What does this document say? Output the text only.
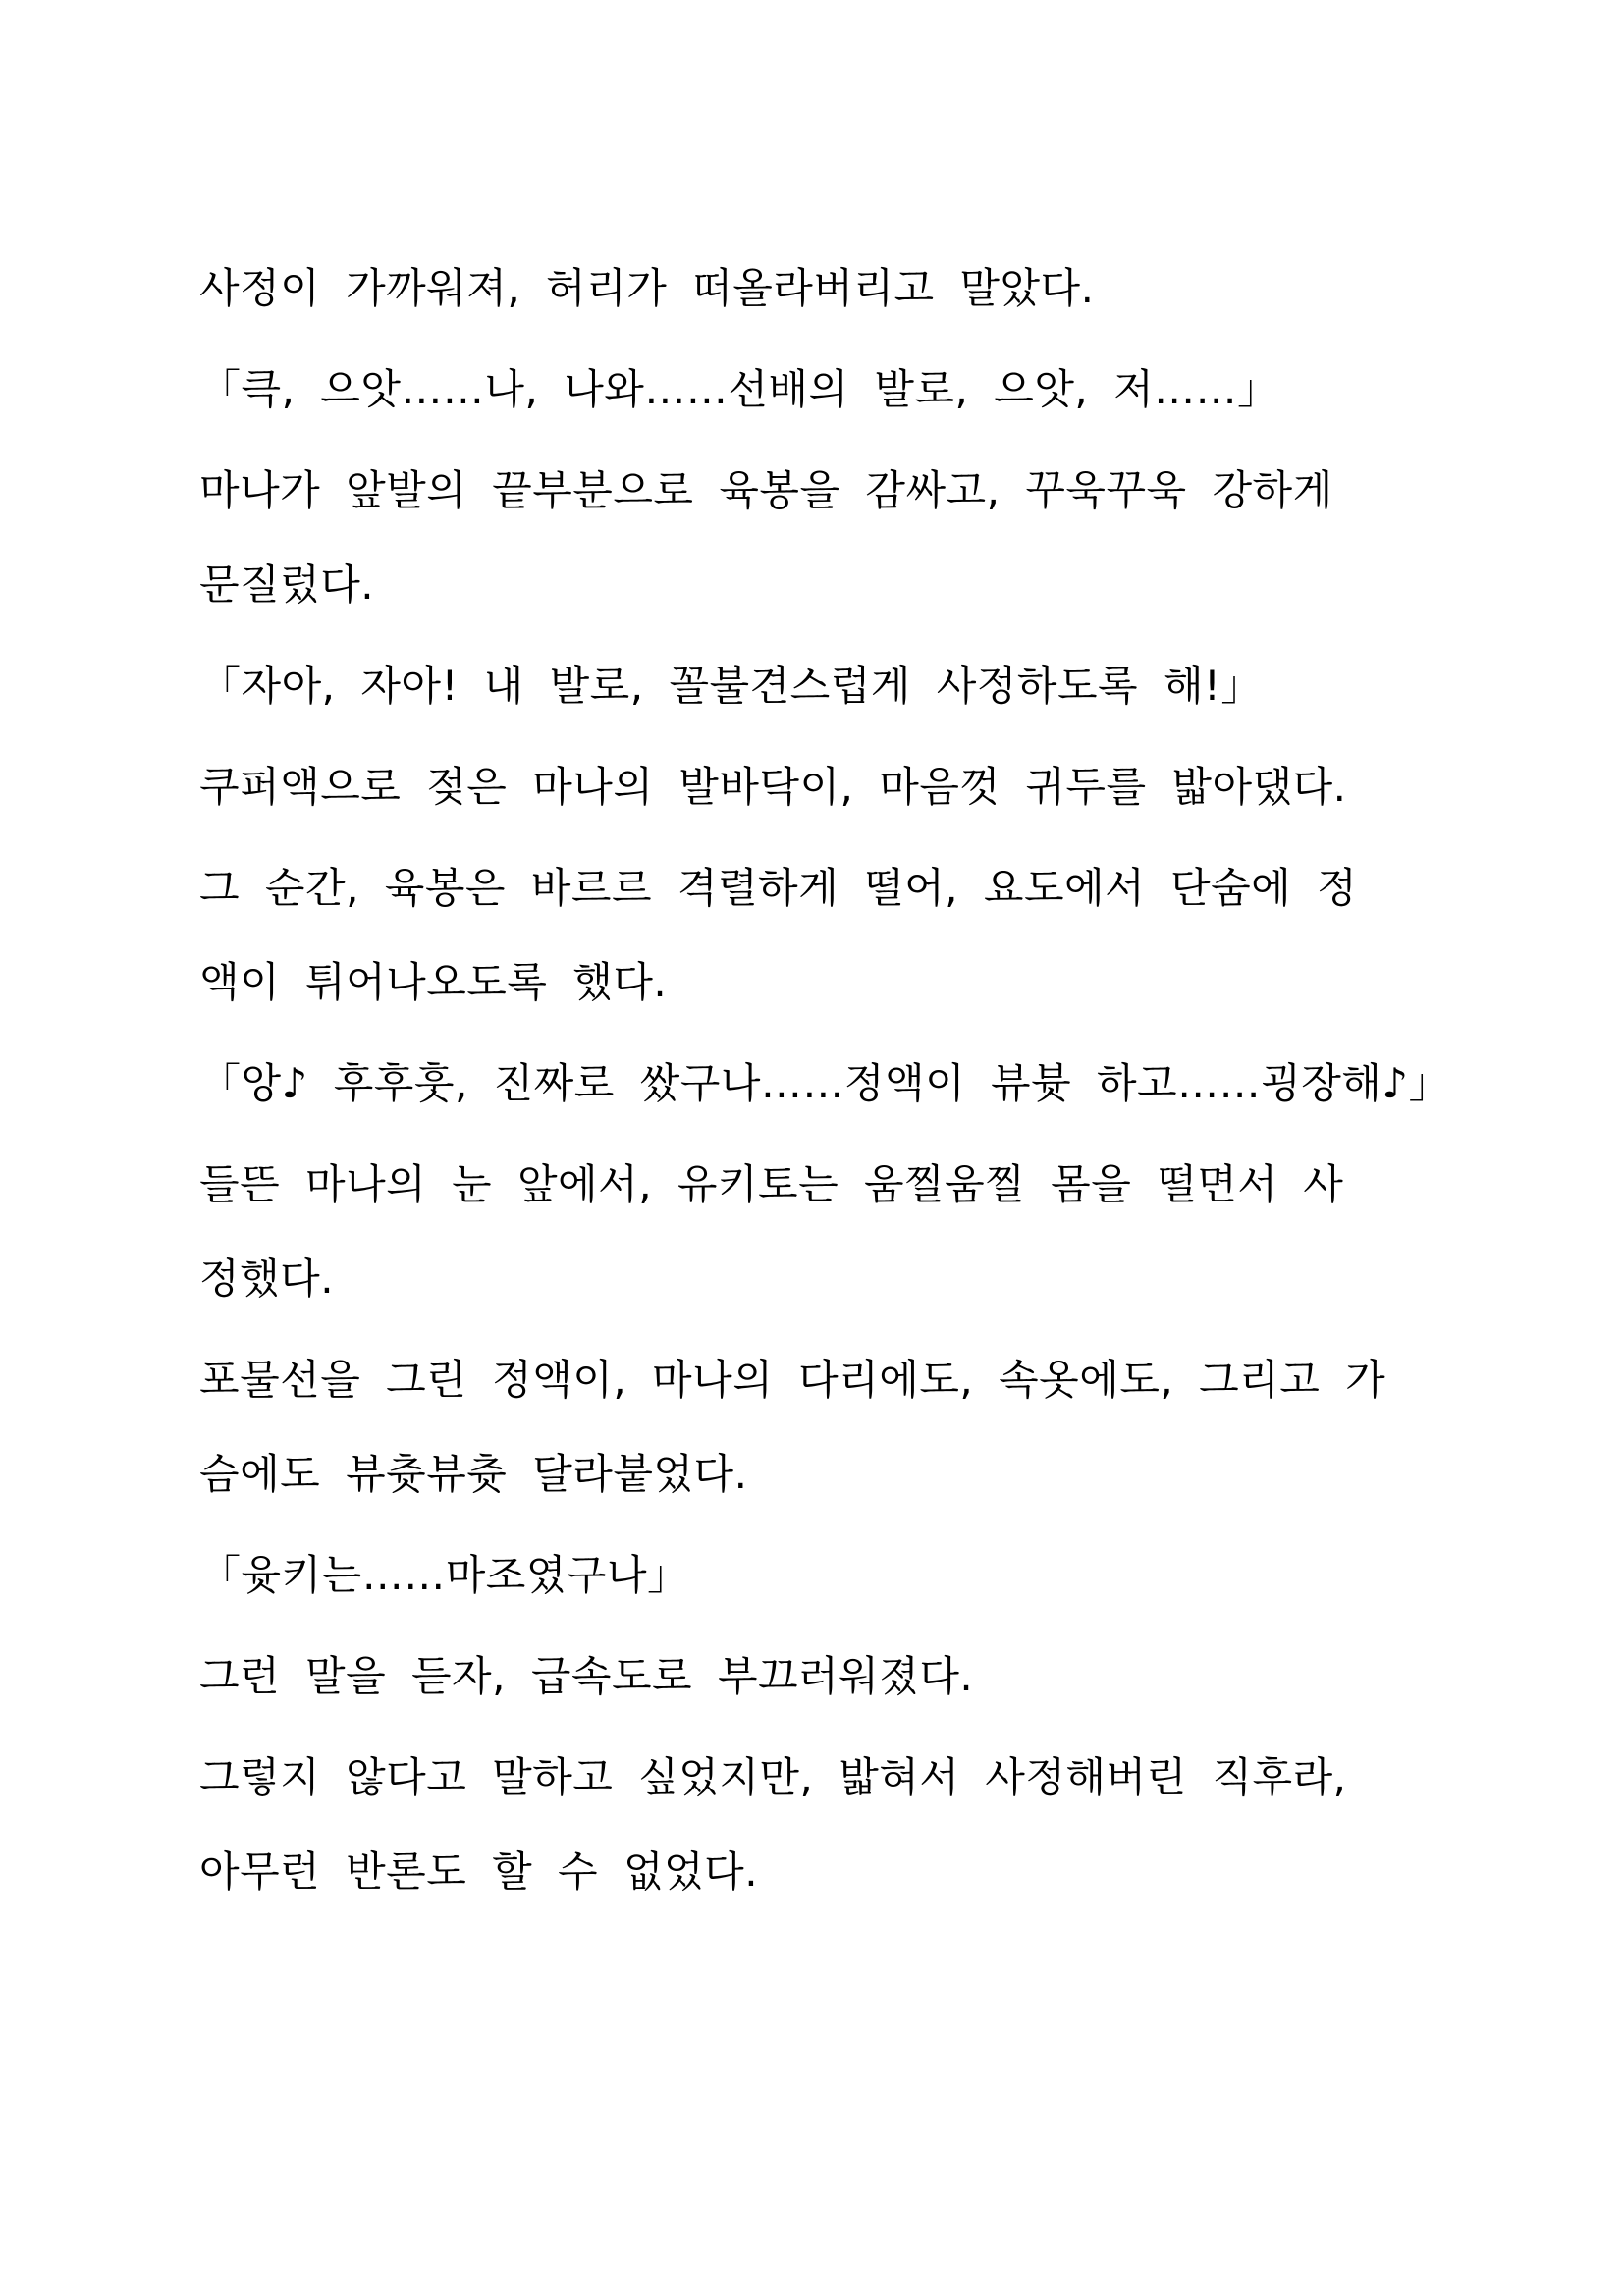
사정이 가까워져, 허리가 떠올라버리고 말았다.

「큭, 으앗……나, 나와……선배의 발로, 으앗, 저……」

마나가 앞발의 끝부분으로 육봉을 감싸고, 꾸욱꾸욱 강하게
문질렀다.

「자아, 자아! 내 발로, 꼴불견스럽게 사정하도록 해!」

쿠퍼액으로 젖은 마나의 발바닥이, 마음껏 귀두를 밟아댔다.

그 순간, 육봉은 바르르 격렬하게 떨어, 요도에서 단숨에 정
액이 튀어나오도록 했다.

「앙♪ 후후훗, 진짜로 쌌구나……정액이 뷰븃 하고……굉장해♪」

들뜬 마나의 눈 앞에서, 유키토는 움찔움찔 몸을 떨면서 사
정했다.

포물선을 그린 정액이, 마나의 다리에도, 속옷에도, 그리고 가
슴에도 뷰츗뷰츗 달라붙었다.

「윳키는……마조였구나」

그런 말을 듣자, 급속도로 부끄러워졌다.

그렇지 않다고 말하고 싶었지만, 밟혀서 사정해버린 직후라,
아무런 반론도 할 수 없었다.
